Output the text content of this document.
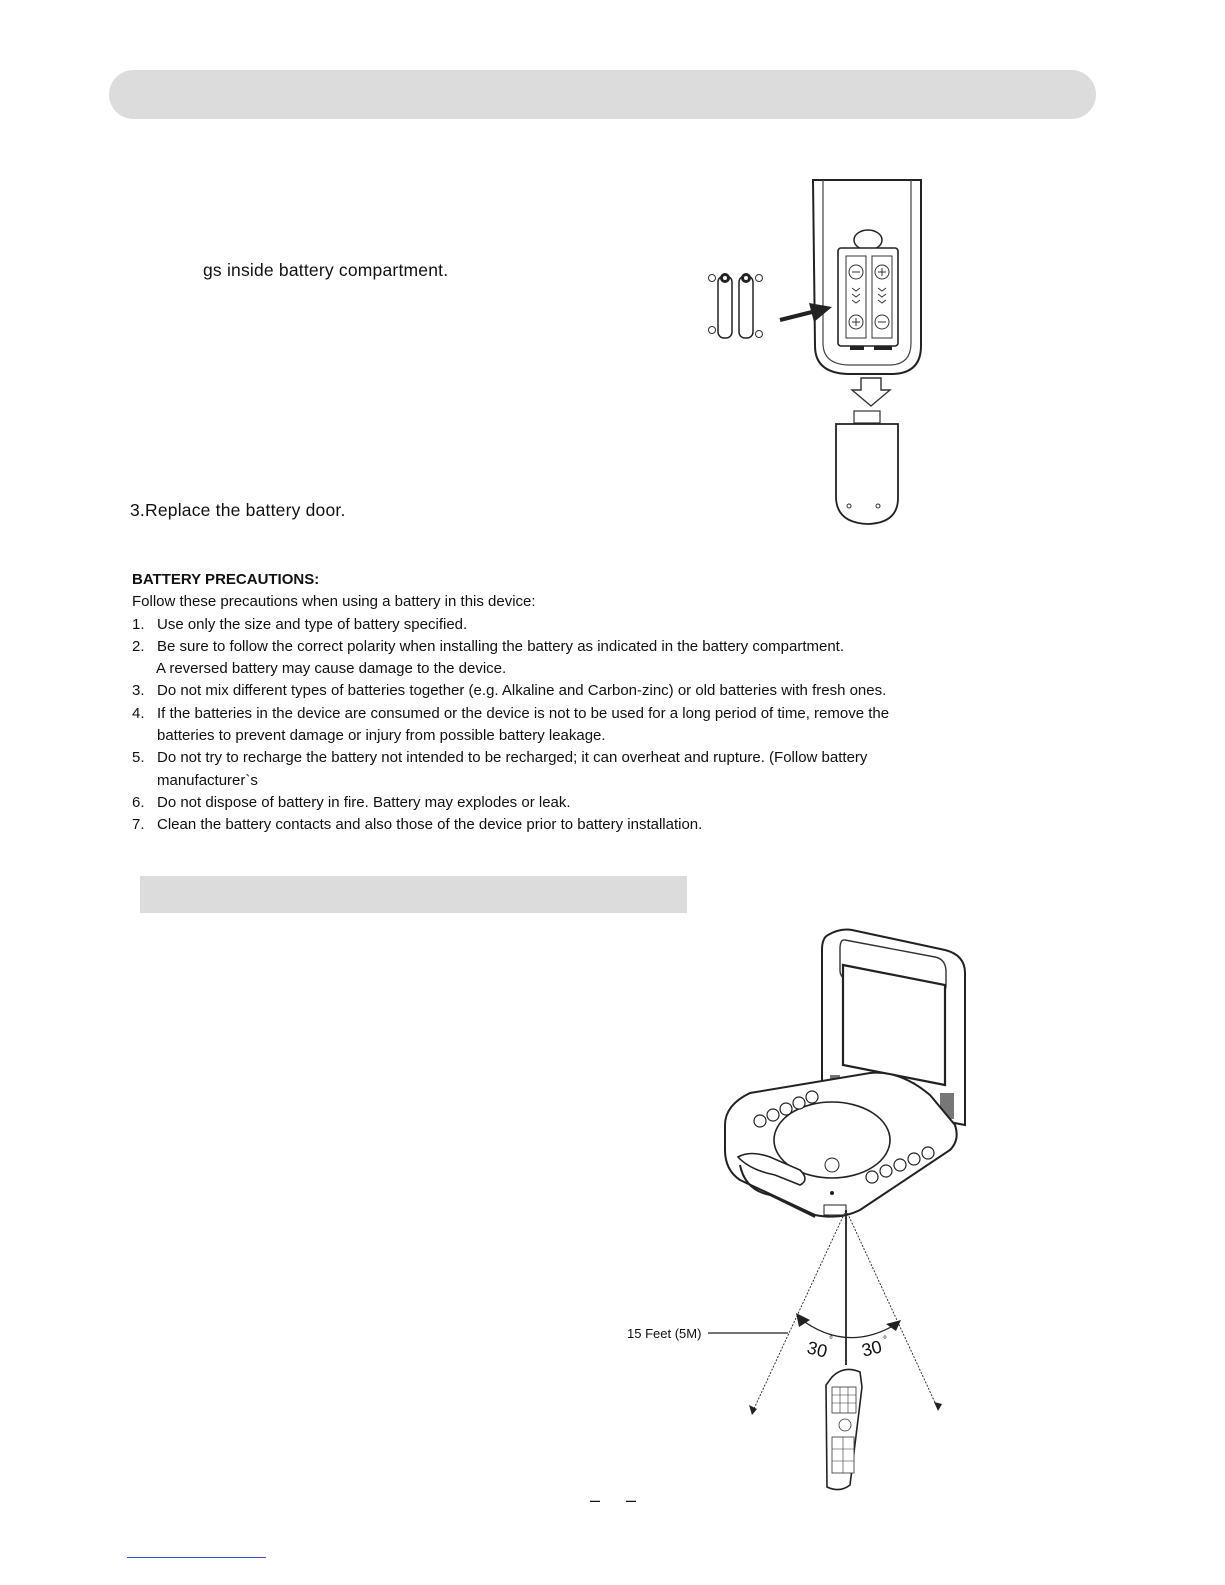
gs inside battery compartment.
3.Replace the battery door.
BATTERY PRECAUTIONS:
Follow these precautions when using a battery in this device:
1. Use only the size and type of battery specified.
2. Be sure to follow the correct polarity when installing the battery as indicated in the battery compartment.
A reversed battery may cause damage to the device.
3. Do not mix different types of batteries together (e.g. Alkaline and Carbon-zinc) or old batteries with fresh ones.
4. If the batteries in the device are consumed or the device is not to be used for a long period of time, remove the
batteries to prevent damage or injury from possible battery leakage.
5. Do not try to recharge the battery not intended to be recharged; it can overheat and rupture. (Follow battery
manufacturer`s
6. Do not dispose of battery in fire. Battery may explodes or leak.
7. Clean the battery contacts and also those of the device prior to battery installation.
15 Feet (5M)
30 ° 30 °
– –
